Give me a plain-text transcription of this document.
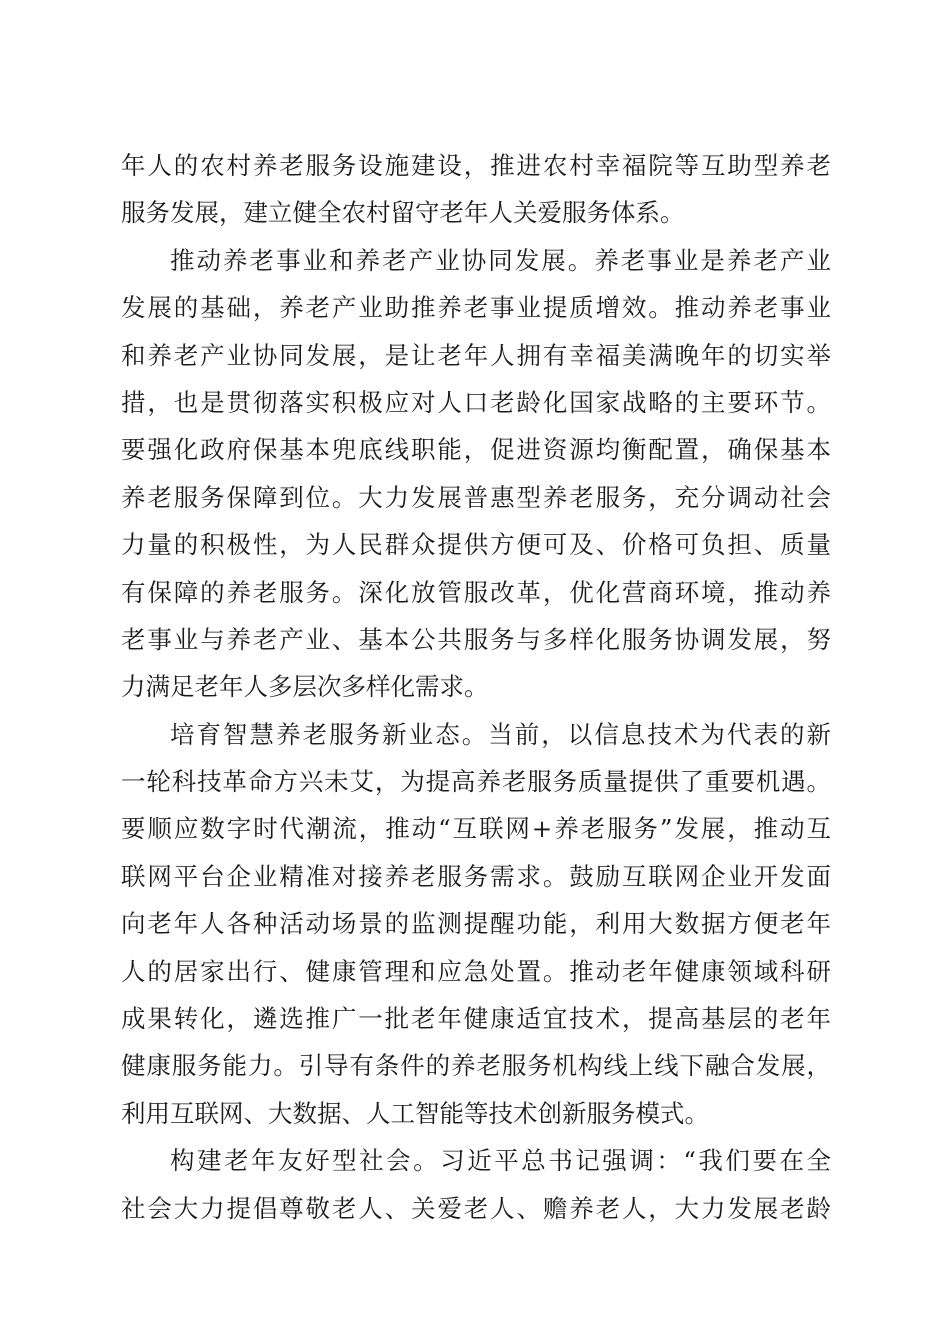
年人的农村养老服务设施建设，推进农村幸福院等互助型养老
服务发展，建立健全农村留守老年人关爱服务体系。
推动养老事业和养老产业协同发展。养老事业是养老产业
发展的基础，养老产业助推养老事业提质增效。推动养老事业
和养老产业协同发展，是让老年人拥有幸福美满晚年的切实举
措，也是贯彻落实积极应对人口老龄化国家战略的主要环节。
要强化政府保基本兜底线职能，促进资源均衡配置，确保基本
养老服务保障到位。大力发展普惠型养老服务，充分调动社会
力量的积极性，为人民群众提供方便可及、价格可负担、质量
有保障的养老服务。深化放管服改革，优化营商环境，推动养
老事业与养老产业、基本公共服务与多样化服务协调发展，努
力满足老年人多层次多样化需求。
培育智慧养老服务新业态。当前，以信息技术为代表的新
一轮科技革命方兴未艾，为提高养老服务质量提供了重要机遇。
要顺应数字时代潮流，推动“互联网+养老服务”发展，推动互
联网平台企业精准对接养老服务需求。鼓励互联网企业开发面
向老年人各种活动场景的监测提醒功能，利用大数据方便老年
人的居家出行、健康管理和应急处置。推动老年健康领域科研
成果转化，遴选推广一批老年健康适宜技术，提高基层的老年
健康服务能力。引导有条件的养老服务机构线上线下融合发展，
利用互联网、大数据、人工智能等技术创新服务模式。
构建老年友好型社会。习近平总书记强调：“我们要在全
社会大力提倡尊敬老人、关爱老人、赡养老人，大力发展老龄
